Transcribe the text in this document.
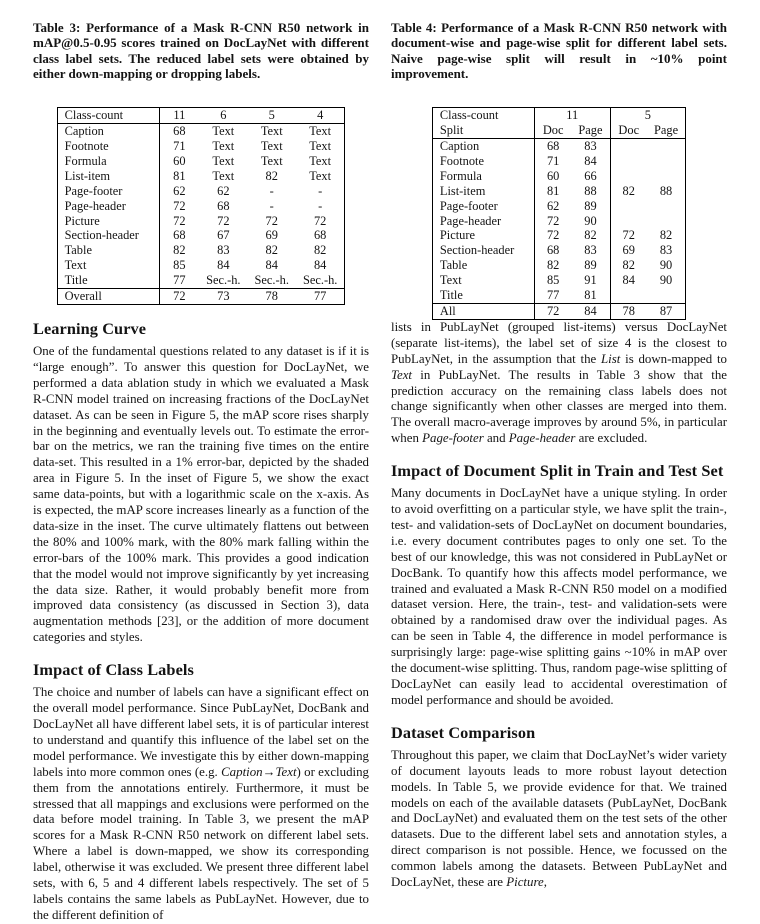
Table 3: Performance of a Mask R-CNN R50 network in mAP@0.5-0.95 scores trained on DocLayNet with different class label sets. The reduced label sets were obtained by either down-mapping or dropping labels.

Class-count	11	6	5	4
Caption	68	Text	Text	Text
Footnote	71	Text	Text	Text
Formula	60	Text	Text	Text
List-item	81	Text	82	Text
Page-footer	62	62	-	-
Page-header	72	68	-	-
Picture	72	72	72	72
Section-header	68	67	69	68
Table	82	83	82	82
Text	85	84	84	84
Title	77	Sec.-h.	Sec.-h.	Sec.-h.
Overall	72	73	78	77
Learning Curve

One of the fundamental questions related to any dataset is if it is “large enough”. To answer this question for DocLayNet, we performed a data ablation study in which we evaluated a Mask R-CNN model trained on increasing fractions of the DocLayNet dataset. As can be seen in Figure 5, the mAP score rises sharply in the beginning and eventually levels out. To estimate the error-bar on the metrics, we ran the training five times on the entire data-set. This resulted in a 1% error-bar, depicted by the shaded area in Figure 5. In the inset of Figure 5, we show the exact same data-points, but with a logarithmic scale on the x-axis. As is expected, the mAP score increases linearly as a function of the data-size in the inset. The curve ultimately flattens out between the 80% and 100% mark, with the 80% mark falling within the error-bars of the 100% mark. This provides a good indication that the model would not improve significantly by yet increasing the data size. Rather, it would probably benefit more from improved data consistency (as discussed in Section 3), data augmentation methods [23], or the addition of more document categories and styles.

Impact of Class Labels

The choice and number of labels can have a significant effect on the overall model performance. Since PubLayNet, DocBank and DocLayNet all have different label sets, it is of particular interest to understand and quantify this influence of the label set on the model performance. We investigate this by either down-mapping labels into more common ones (e.g. Caption→Text) or excluding them from the annotations entirely. Furthermore, it must be stressed that all mappings and exclusions were performed on the data before model training. In Table 3, we present the mAP scores for a Mask R-CNN R50 network on different label sets. Where a label is down-mapped, we show its corresponding label, otherwise it was excluded. We present three different label sets, with 6, 5 and 4 different labels respectively. The set of 5 labels contains the same labels as PubLayNet. However, due to the different definition of

Table 4: Performance of a Mask R-CNN R50 network with document-wise and page-wise split for different label sets. Naive page-wise split will result in ~10% point improvement.

Class-count	11		5	
Split	Doc	Page	Doc	Page
Caption	68	83		
Footnote	71	84		
Formula	60	66		
List-item	81	88	82	88
Page-footer	62	89		
Page-header	72	90		
Picture	72	82	72	82
Section-header	68	83	69	83
Table	82	89	82	90
Text	85	91	84	90
Title	77	81		
All	72	84	78	87

lists in PubLayNet (grouped list-items) versus DocLayNet (separate list-items), the label set of size 4 is the closest to PubLayNet, in the assumption that the List is down-mapped to Text in PubLayNet. The results in Table 3 show that the prediction accuracy on the remaining class labels does not change significantly when other classes are merged into them. The overall macro-average improves by around 5%, in particular when Page-footer and Page-header are excluded.

Impact of Document Split in Train and Test Set

Many documents in DocLayNet have a unique styling. In order to avoid overfitting on a particular style, we have split the train-, test- and validation-sets of DocLayNet on document boundaries, i.e. every document contributes pages to only one set. To the best of our knowledge, this was not considered in PubLayNet or DocBank. To quantify how this affects model performance, we trained and evaluated a Mask R-CNN R50 model on a modified dataset version. Here, the train-, test- and validation-sets were obtained by a randomised draw over the individual pages. As can be seen in Table 4, the difference in model performance is surprisingly large: page-wise splitting gains ~10% in mAP over the document-wise splitting. Thus, random page-wise splitting of DocLayNet can easily lead to accidental overestimation of model performance and should be avoided.

Dataset Comparison

Throughout this paper, we claim that DocLayNet’s wider variety of document layouts leads to more robust layout detection models. In Table 5, we provide evidence for that. We trained models on each of the available datasets (PubLayNet, DocBank and DocLayNet) and evaluated them on the test sets of the other datasets. Due to the different label sets and annotation styles, a direct comparison is not possible. Hence, we focussed on the common labels among the datasets. Between PubLayNet and DocLayNet, these are Picture,
